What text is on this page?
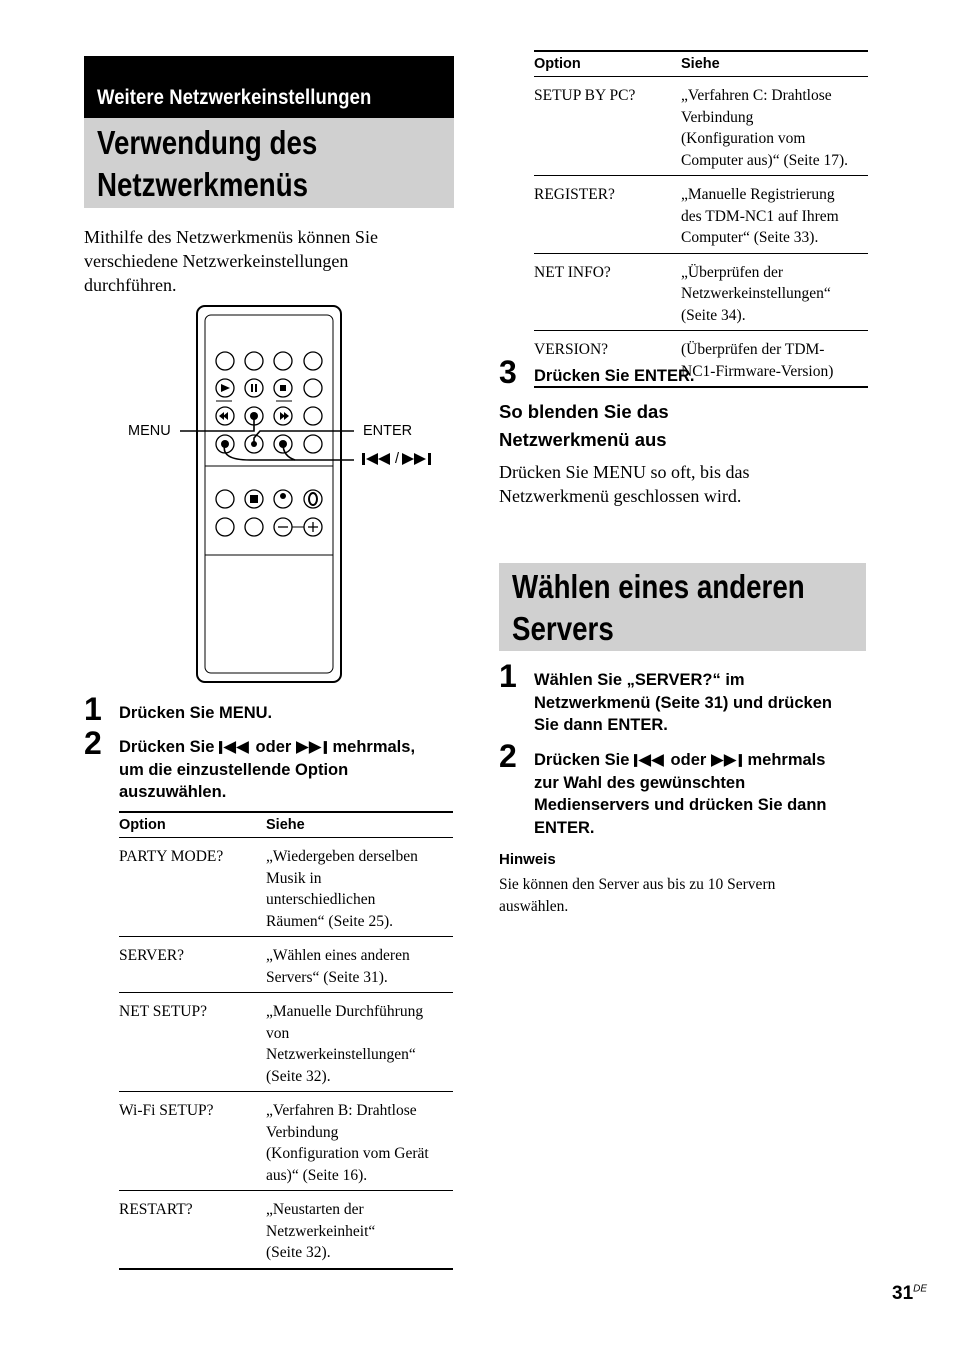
Weitere Netzwerkeinstellungen
Verwendung des
Netzwerkmenüs
Mithilfe des Netzwerkmenüs können Sie
verschiedene Netzwerkeinstellungen
durchführen.
MENU	ENTER
/
1 Drücken Sie MENU.
2 Drücken Sie oder mehrmals,
um die einzustellende Option
auszuwählen.
Option	Siehe
PARTY MODE?	„Wiedergeben derselben
Musik in
unterschiedlichen
Räumen“ (Seite 25).

SERVER?	„Wählen eines anderen
Servers“ (Seite 31).

NET SETUP?	„Manuelle Durchführung
von
Netzwerkeinstellungen“
(Seite 32).

Wi-Fi SETUP?	„Verfahren B: Drahtlose
Verbindung
(Konfiguration vom Gerät
aus)“ (Seite 16).

RESTART?	„Neustarten der
Netzwerkeinheit“
(Seite 32).
Option	Siehe
SETUP BY PC?	„Verfahren C: Drahtlose
Verbindung
(Konfiguration vom
Computer aus)“ (Seite 17).

REGISTER?	„Manuelle Registrierung
des TDM-NC1 auf Ihrem
Computer“ (Seite 33).

NET INFO?	„Überprüfen der
Netzwerkeinstellungen“
(Seite 34).

VERSION?	(Überprüfen der TDM-
NC1-Firmware-Version)
3 Drücken Sie ENTER.
So blenden Sie das
Netzwerkmenü aus
Drücken Sie MENU so oft, bis das
Netzwerkmenü geschlossen wird.
Wählen eines anderen
Servers
1 Wählen Sie „SERVER?“ im
Netzwerkmenü (Seite 31) und drücken
Sie dann ENTER.
2 Drücken Sie oder mehrmals
zur Wahl des gewünschten
Medienservers und drücken Sie dann
ENTER.
Hinweis
Sie können den Server aus bis zu 10 Servern
auswählen.
31DE
